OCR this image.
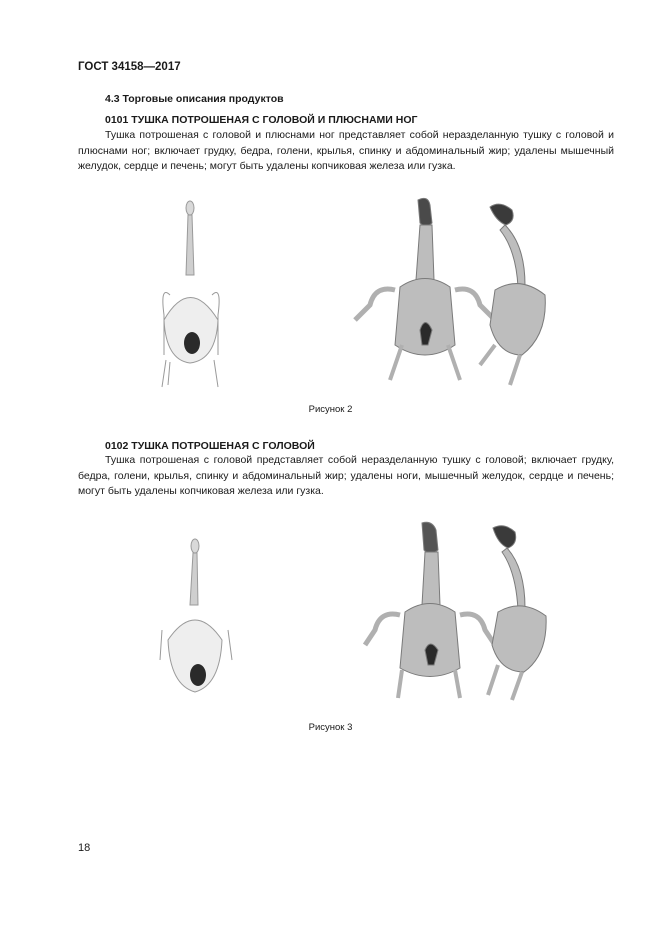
ГОСТ 34158—2017
4.3 Торговые описания продуктов
0101 ТУШКА ПОТРОШЕНАЯ С ГОЛОВОЙ И ПЛЮСНАМИ НОГ

Тушка потрошеная с головой и плюснами ног представляет собой неразделанную тушку с головой и плюснами ног; включает грудку, бедра, голени, крылья, спинку и абдоминальный жир; удалены мышечный желудок, сердце и печень; могут быть удалены копчиковая железа или гузка.

Рисунок 2
0102 ТУШКА ПОТРОШЕНАЯ С ГОЛОВОЙ

Тушка потрошеная с головой представляет собой неразделанную тушку с головой; включает грудку, бедра, голени, крылья, спинку и абдоминальный жир; удалены ноги, мышечный желудок, сердце и печень; могут быть удалены копчиковая железа или гузка.

Рисунок 3
18
